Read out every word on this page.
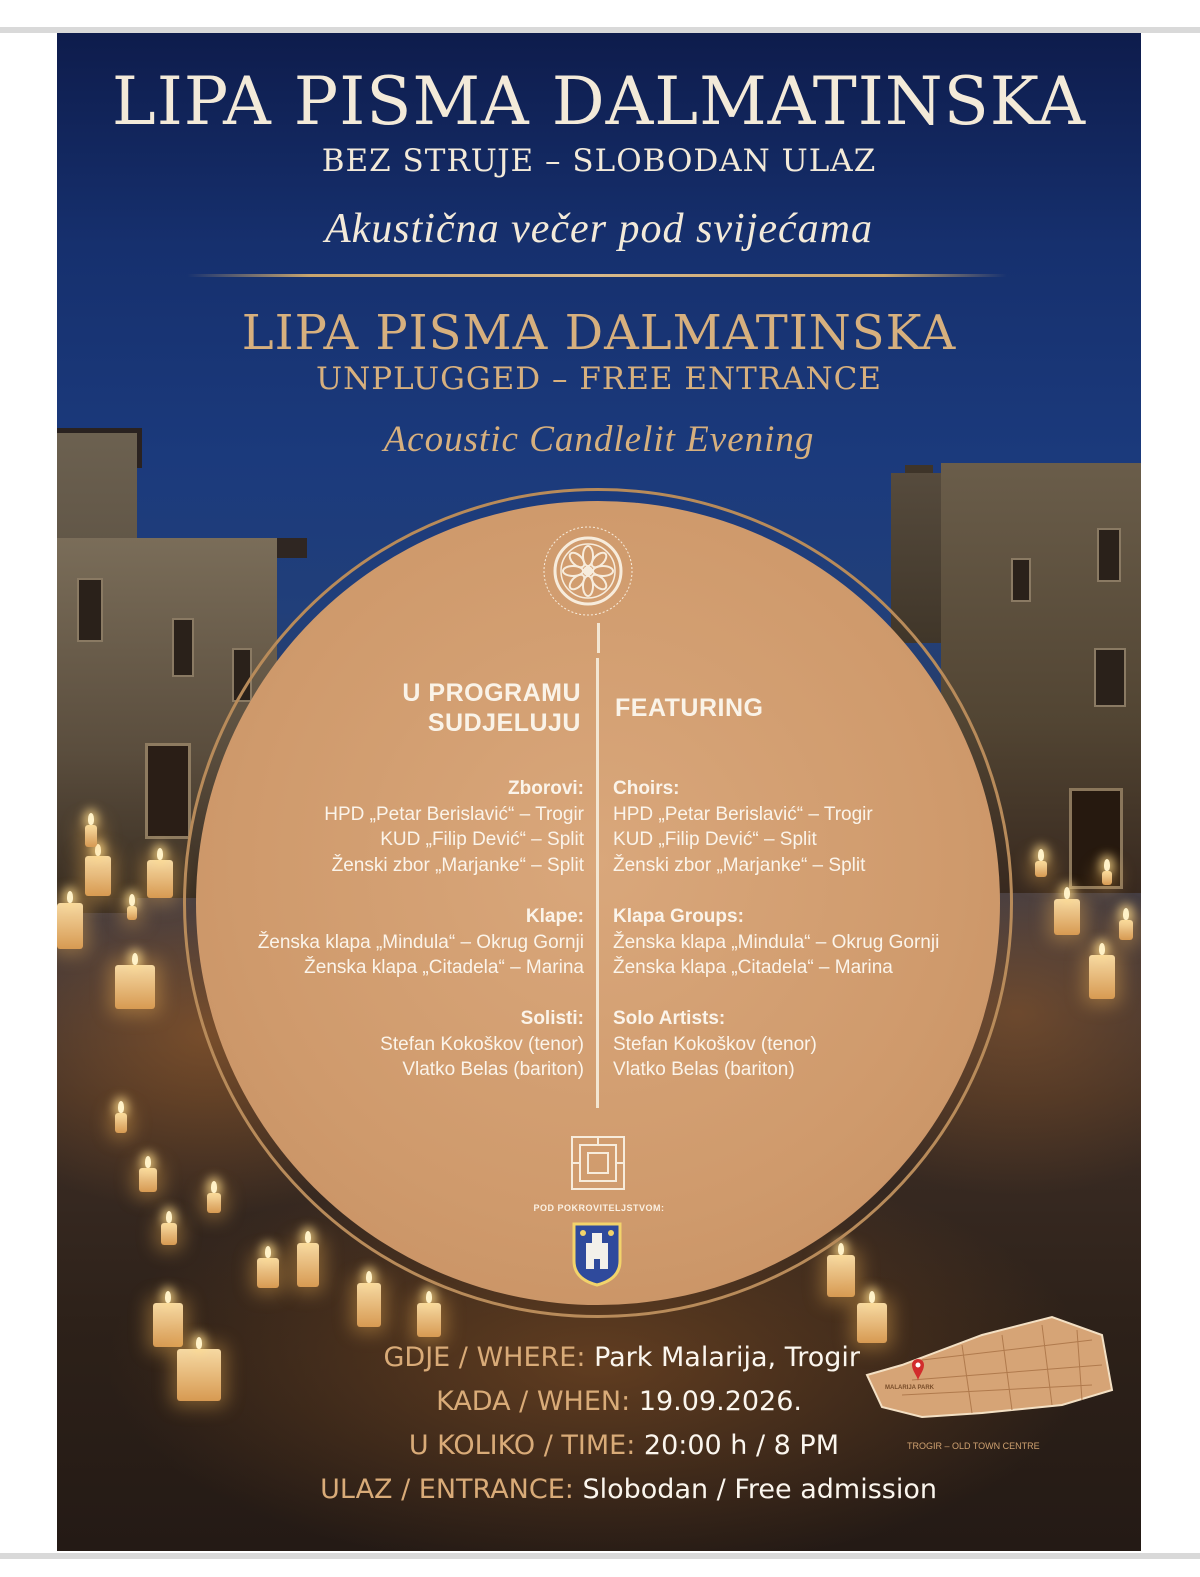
LIPA PISMA DALMATINSKA
BEZ STRUJE – SLOBODAN ULAZ
Akustična večer pod svijećama
LIPA PISMA DALMATINSKA
UNPLUGGED – FREE ENTRANCE
Acoustic Candlelit Evening
U PROGRAMU
SUDJELUJU
FEATURING
Zborovi:
HPD „Petar Berislavić“ – Trogir
KUD „Filip Dević“ – Split
Ženski zbor „Marjanke“ – Split
Klape:
Ženska klapa „Mindula“ – Okrug Gornji
Ženska klapa „Citadela“ – Marina
Solisti:
Stefan Kokoškov (tenor)
Vlatko Belas (bariton)
Choirs:
HPD „Petar Berislavić“ – Trogir
KUD „Filip Dević“ – Split
Ženski zbor „Marjanke“ – Split
Klapa Groups:
Ženska klapa „Mindula“ – Okrug Gornji
Ženska klapa „Citadela“ – Marina
Solo Artists:
Stefan Kokoškov (tenor)
Vlatko Belas (bariton)
POD POKROVITELJSTVOM:
GDJE / WHERE: Park Malarija, Trogir
KADA / WHEN: 19.09.2026.
U KOLIKO / TIME: 20:00 h / 8 PM
ULAZ / ENTRANCE: Slobodan / Free admission
MALARIJA PARK
TROGIR – OLD TOWN CENTRE
